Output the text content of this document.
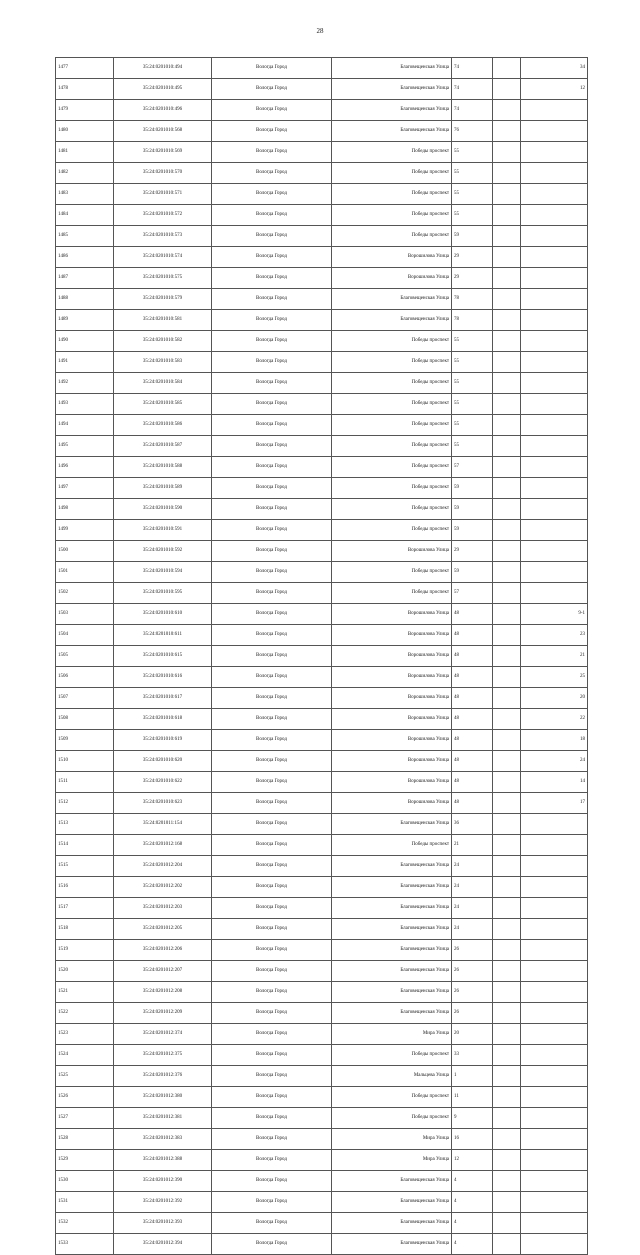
28
1477	35:24:0201010:494	Вологда Город	Благовещенская Улица	74		34
1478	35:24:0201010:495	Вологда Город	Благовещенская Улица	74		12
1479	35:24:0201010:496	Вологда Город	Благовещенская Улица	74		
1480	35:24:0201010:568	Вологда Город	Благовещенская Улица	76		
1481	35:24:0201010:569	Вологда Город	Победы проспект	55		
1482	35:24:0201010:570	Вологда Город	Победы проспект	55		
1483	35:24:0201010:571	Вологда Город	Победы проспект	55		
1484	35:24:0201010:572	Вологда Город	Победы проспект	55		
1485	35:24:0201010:573	Вологда Город	Победы проспект	59		
1486	35:24:0201010:574	Вологда Город	Ворошилова Улица	29		
1487	35:24:0201010:575	Вологда Город	Ворошилова Улица	29		
1488	35:24:0201010:579	Вологда Город	Благовещенская Улица	78		
1489	35:24:0201010:581	Вологда Город	Благовещенская Улица	78		
1490	35:24:0201010:582	Вологда Город	Победы проспект	55		
1491	35:24:0201010:583	Вологда Город	Победы проспект	55		
1492	35:24:0201010:584	Вологда Город	Победы проспект	55		
1493	35:24:0201010:585	Вологда Город	Победы проспект	55		
1494	35:24:0201010:586	Вологда Город	Победы проспект	55		
1495	35:24:0201010:587	Вологда Город	Победы проспект	55		
1496	35:24:0201010:588	Вологда Город	Победы проспект	57		
1497	35:24:0201010:589	Вологда Город	Победы проспект	59		
1498	35:24:0201010:590	Вологда Город	Победы проспект	59		
1499	35:24:0201010:591	Вологда Город	Победы проспект	59		
1500	35:24:0201010:592	Вологда Город	Ворошилова Улица	29		
1501	35:24:0201010:594	Вологда Город	Победы проспект	59		
1502	35:24:0201010:595	Вологда Город	Победы проспект	57		
1503	35:24:0201010:610	Вологда Город	Ворошилова Улица	48		9-1
1504	35:24:0201010:611	Вологда Город	Ворошилова Улица	48		23
1505	35:24:0201010:615	Вологда Город	Ворошилова Улица	48		21
1506	35:24:0201010:616	Вологда Город	Ворошилова Улица	48		25
1507	35:24:0201010:617	Вологда Город	Ворошилова Улица	48		20
1508	35:24:0201010:618	Вологда Город	Ворошилова Улица	48		22
1509	35:24:0201010:619	Вологда Город	Ворошилова Улица	48		18
1510	35:24:0201010:620	Вологда Город	Ворошилова Улица	48		24
1511	35:24:0201010:622	Вологда Город	Ворошилова Улица	48		14
1512	35:24:0201010:623	Вологда Город	Ворошилова Улица	48		17
1513	35:24:0201011:154	Вологда Город	Благовещенская Улица	36		
1514	35:24:0201012:168	Вологда Город	Победы проспект	21		
1515	35:24:0201012:204	Вологда Город	Благовещенская Улица	24		
1516	35:24:0201012:202	Вологда Город	Благовещенская Улица	24		
1517	35:24:0201012:203	Вологда Город	Благовещенская Улица	24		
1518	35:24:0201012:205	Вологда Город	Благовещенская Улица	24		
1519	35:24:0201012:206	Вологда Город	Благовещенская Улица	26		
1520	35:24:0201012:207	Вологда Город	Благовещенская Улица	26		
1521	35:24:0201012:208	Вологда Город	Благовещенская Улица	26		
1522	35:24:0201012:209	Вологда Город	Благовещенская Улица	26		
1523	35:24:0201012:374	Вологда Город	Мира Улица	20		
1524	35:24:0201012:375	Вологда Город	Победы проспект	33		
1525	35:24:0201012:376	Вологда Город	Мальцева Улица	1		
1526	35:24:0201012:380	Вологда Город	Победы проспект	11		
1527	35:24:0201012:381	Вологда Город	Победы проспект	9		
1528	35:24:0201012:383	Вологда Город	Мира Улица	16		
1529	35:24:0201012:388	Вологда Город	Мира Улица	12		
1530	35:24:0201012:390	Вологда Город	Благовещенская Улица	4		
1531	35:24:0201012:392	Вологда Город	Благовещенская Улица	4		
1532	35:24:0201012:393	Вологда Город	Благовещенская Улица	4		
1533	35:24:0201012:394	Вологда Город	Благовещенская Улица	4		
